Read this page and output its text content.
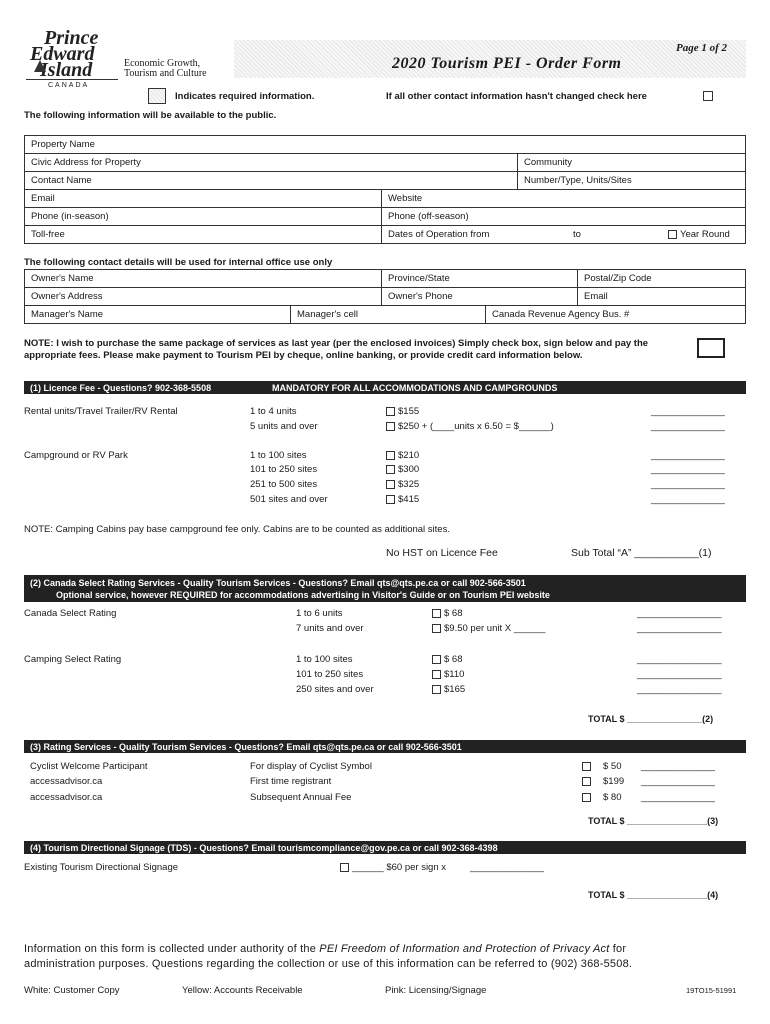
Prince
Edward
Island
CANADA
Economic Growth,
Tourism and Culture
Page 1 of 2
2020 Tourism PEI - Order Form
Indicates required information.	If all other contact information hasn't changed check here
The following information will be available to the public.
Property Name
Civic Address for Property	Community
Contact Name	Number/Type, Units/Sites
Email	Website
Phone (in-season)	Phone (off-season)
Toll-free	Dates of Operation from	to	Year Round
The following contact details will be used for internal office use only
Owner's Name	Province/State	Postal/Zip Code
Owner's Address	Owner's Phone	Email
Manager's Name	Manager's cell	Canada Revenue Agency Bus. #
NOTE: I wish to purchase the same package of services as last year (per the enclosed invoices) Simply check box, sign below and pay the appropriate fees. Please make payment to Tourism PEI by cheque, online banking, or provide credit card information below.
(1) Licence Fee - Questions? 902-368-5508	MANDATORY FOR ALL ACCOMMODATIONS AND CAMPGROUNDS
Rental units/Travel Trailer/RV Rental	1 to 4 units	$155	______________
5 units and over	$250 + (____units x 6.50 = $______)	______________
Campground or RV Park	1 to 100 sites	$210	______________
101 to 250 sites	$300	______________
251 to 500 sites	$325	______________
501 sites and over	$415	______________
NOTE: Camping Cabins pay base campground fee only. Cabins are to be counted as additional sites.
No HST on Licence Fee	Sub Total “A” ___________(1)
(2) Canada Select Rating Services - Quality Tourism Services - Questions? Email qts@qts.pe.ca or call 902-566-3501
Optional service, however REQUIRED for accommodations advertising in Visitor's Guide or on Tourism PEI website
Canada Select Rating	1 to 6 units	$ 68	________________
7 units and over	$9.50 per unit X ______	________________
Camping Select Rating	1 to 100 sites	$ 68	________________
101 to 250 sites	$110	________________
250 sites and over	$165	________________
TOTAL $ _______________(2)
(3) Rating Services - Quality Tourism Services - Questions? Email qts@qts.pe.ca or call 902-566-3501
Cyclist Welcome Participant	For display of Cyclist Symbol	$ 50 ______________
accessadvisor.ca	First time registrant	$199 ______________
accessadvisor.ca	Subsequent Annual Fee	$ 80 ______________
TOTAL $ ________________(3)
(4) Tourism Directional Signage (TDS) - Questions? Email tourismcompliance@gov.pe.ca or call 902-368-4398
Existing Tourism Directional Signage	______ $60 per sign x	______________
TOTAL $ ________________(4)
Information on this form is collected under authority of the PEI Freedom of Information and Protection of Privacy Act for
administration purposes. Questions regarding the collection or use of this information can be referred to (902) 368-5508.
White: Customer Copy	Yellow: Accounts Receivable	Pink: Licensing/Signage	19TO15-51991
